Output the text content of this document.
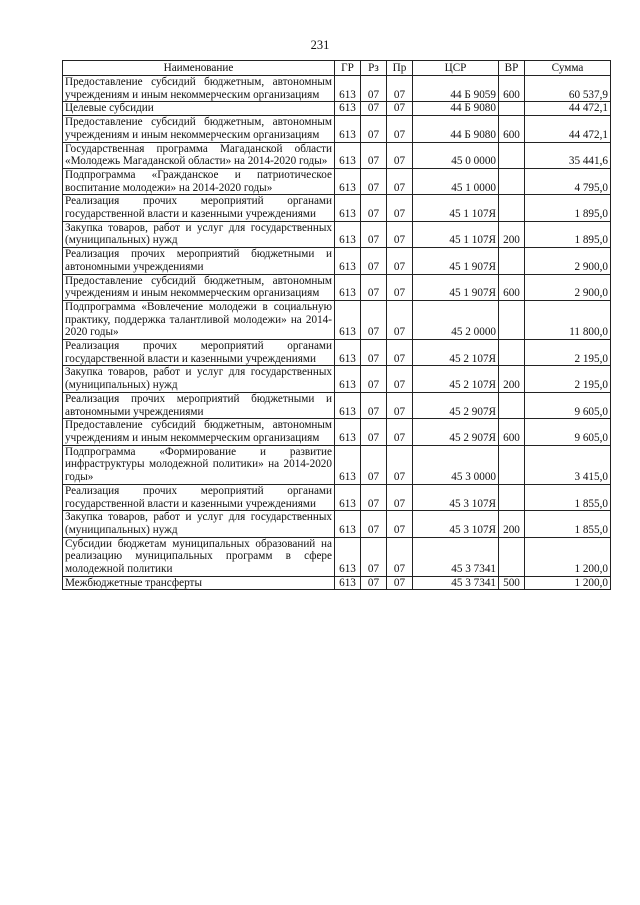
231
Наименование	ГР	Рз	Пр	ЦСР	ВР	Сумма
Предоставление субсидий бюджетным, автономным учреждениям и иным некоммерческим организациям	613	07	07	44 Б 9059	600	60 537,9
Целевые субсидии	613	07	07	44 Б 9080		44 472,1
Предоставление субсидий бюджетным, автономным учреждениям и иным некоммерческим организациям	613	07	07	44 Б 9080	600	44 472,1
Государственная программа Магаданской области «Молодежь Магаданской области» на 2014-2020 годы»	613	07	07	45 0 0000		35 441,6
Подпрограмма «Гражданское и патриотическое воспитание молодежи» на 2014-2020 годы»	613	07	07	45 1 0000		4 795,0
Реализация прочих мероприятий органами государственной власти и казенными учреждениями	613	07	07	45 1 107Я		1 895,0
Закупка товаров, работ и услуг для государственных (муниципальных) нужд	613	07	07	45 1 107Я	200	1 895,0
Реализация прочих мероприятий бюджетными и автономными учреждениями	613	07	07	45 1 907Я		2 900,0
Предоставление субсидий бюджетным, автономным учреждениям и иным некоммерческим организациям	613	07	07	45 1 907Я	600	2 900,0
Подпрограмма «Вовлечение молодежи в социальную практику, поддержка талантливой молодежи» на 2014-2020 годы»	613	07	07	45 2 0000		11 800,0
Реализация прочих мероприятий органами государственной власти и казенными учреждениями	613	07	07	45 2 107Я		2 195,0
Закупка товаров, работ и услуг для государственных (муниципальных) нужд	613	07	07	45 2 107Я	200	2 195,0
Реализация прочих мероприятий бюджетными и автономными учреждениями	613	07	07	45 2 907Я		9 605,0
Предоставление субсидий бюджетным, автономным учреждениям и иным некоммерческим организациям	613	07	07	45 2 907Я	600	9 605,0
Подпрограмма «Формирование и развитие инфраструктуры молодежной политики» на 2014-2020 годы»	613	07	07	45 3 0000		3 415,0
Реализация прочих мероприятий органами государственной власти и казенными учреждениями	613	07	07	45 3 107Я		1 855,0
Закупка товаров, работ и услуг для государственных (муниципальных) нужд	613	07	07	45 3 107Я	200	1 855,0
Субсидии бюджетам муниципальных образований на реализацию муниципальных программ в сфере молодежной политики	613	07	07	45 3 7341		1 200,0
Межбюджетные трансферты	613	07	07	45 3 7341	500	1 200,0
